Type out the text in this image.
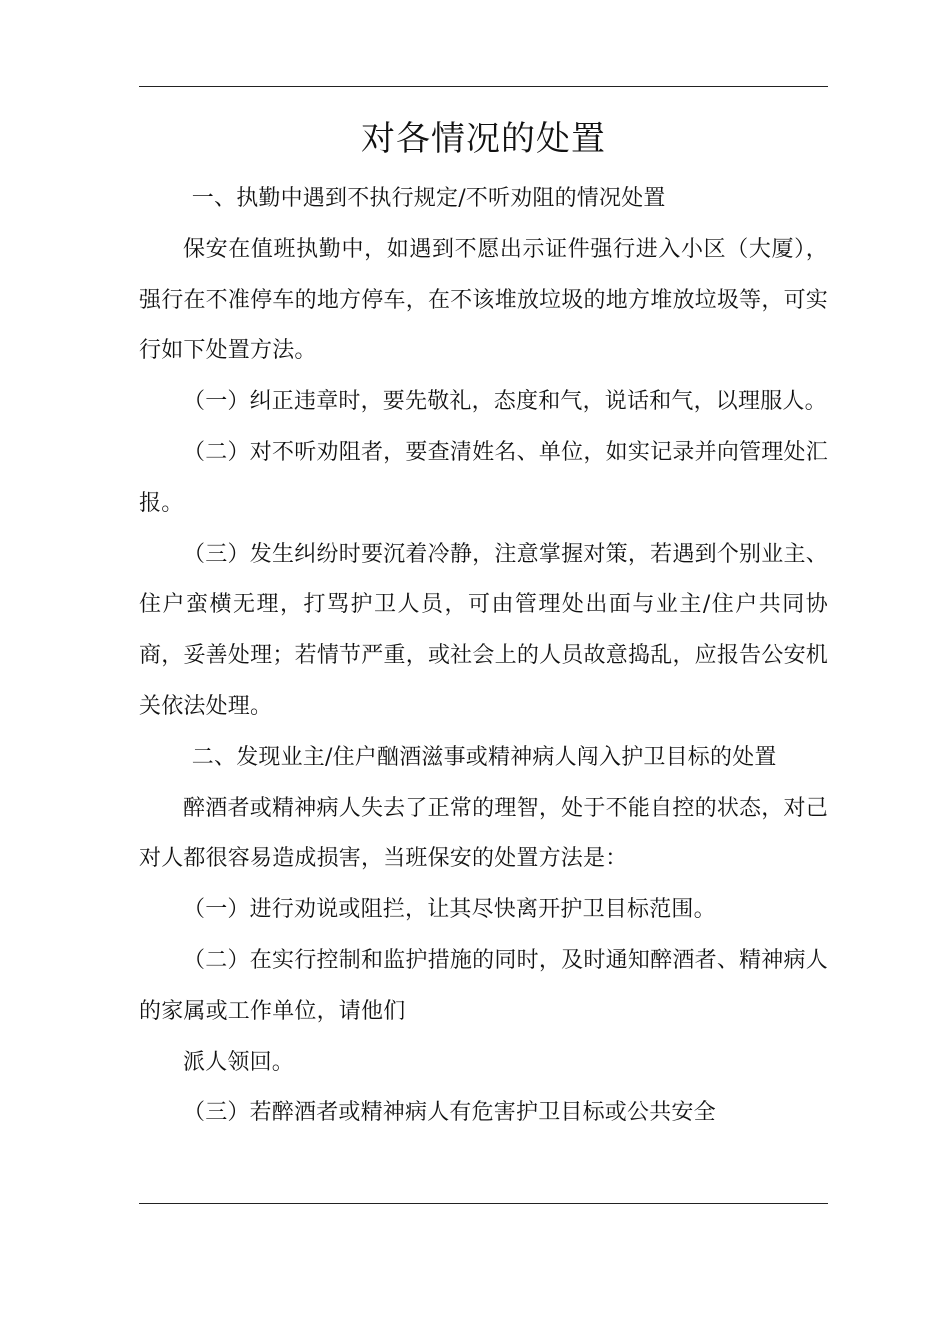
对各情况的处置

一、执勤中遇到不执行规定/不听劝阻的情况处置

保安在值班执勤中，如遇到不愿出示证件强行进入小区（大厦），强行在不准停车的地方停车，在不该堆放垃圾的地方堆放垃圾等，可实行如下处置方法。

（一）纠正违章时，要先敬礼，态度和气，说话和气，以理服人。

（二）对不听劝阻者，要查清姓名、单位，如实记录并向管理处汇报。

（三）发生纠纷时要沉着冷静，注意掌握对策，若遇到个别业主、住户蛮横无理，打骂护卫人员，可由管理处出面与业主/住户共同协商，妥善处理；若情节严重，或社会上的人员故意捣乱，应报告公安机关依法处理。

二、发现业主/住户酗酒滋事或精神病人闯入护卫目标的处置

醉酒者或精神病人失去了正常的理智，处于不能自控的状态，对己对人都很容易造成损害，当班保安的处置方法是：

（一）进行劝说或阻拦，让其尽快离开护卫目标范围。

（二）在实行控制和监护措施的同时，及时通知醉酒者、精神病人的家属或工作单位，请他们

派人领回。

（三）若醉酒者或精神病人有危害护卫目标或公共安全
